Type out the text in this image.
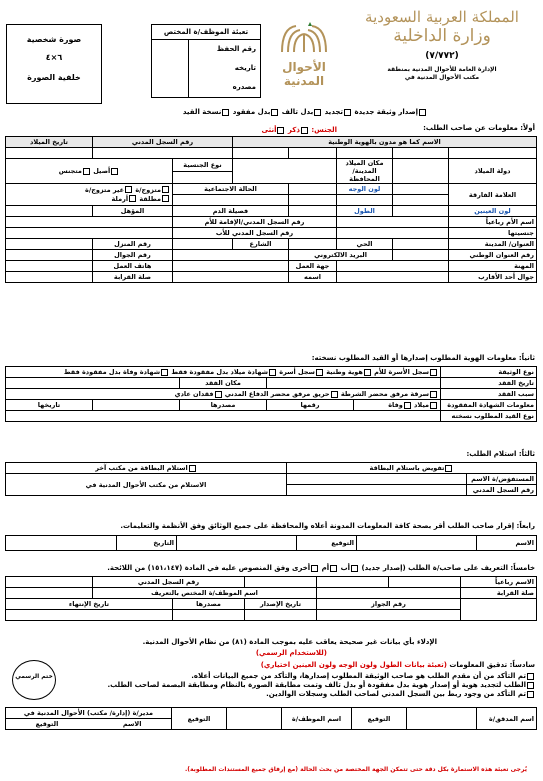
المملكة العربية السعودية
وزارة الداخلية
(٧/٧٧٢)
الإدارة العامة للأحوال المدنية بمنطقة
مكتب الأحوال المدنية في
الأحوال المدنية
تعبئة الموظف/ة المختص
رقم الحفظ
تاريخه
مصدره
صورة شخصية
٦×٤
خلفية الصورة
إصدار وثيقة جديدة تجديد بدل تالف بدل مفقود نسخة القيد
أولاً: معلومات عن صاحب الطلب:
الجنس: ذكر أنثى
الاسم كما هو مدون بالهوية الوطنية					رقم السجل المدني		تاريخ الميلاد

دولة الميلاد		مكان الميلاد المدينة/المحافظة			نوع الجنسية	أصيل متجنس	

العلامة الفارقة		لون الوجه		الحالة الاجتماعية		متزوج/ة غير متزوج/ة
مطلقة أرملة	

لون العينين		الطول		فصيلة الدم		المؤهل	
اسم الأم رباعياً			رقم السجل المدني/الإقامة للأم				
جنسيتها			رقم السجل المدني للأب				
العنوان/ المدينة		الحي		الشارع		رقم المنزل	
رقم العنوان الوطني		البريد الالكتروني				رقم الجوال	
المهنة			جهة العمل			هاتف العمل	
جوال أحد الأقارب			اسمه			صلة القرابة	
ثانياً: معلومات الهوية المطلوب إصدارها أو القيد المطلوب نسخته:
نوع الوثيقة	سجل الأسرة للأم هوية وطنية سجل أسرة شهادة ميلاد بدل مفقودة فقط شهادة وفاة بدل مفقودة فقط				
تاريخ الفقد			مكان الفقد		
سبب الفقد	سرقة مرفق محضر الشرطة حريق مرفق محضر الدفاع المدني فقدان عادي				
معلومات الشهادة المفقودة	ميلاد وفاة	رقمها	مصدرها		تاريخها
نوع القيد المطلوب نسخته					
ثالثاً: استلام الطلب:
تفويض باستلام البطاقة		استلام البطاقة من مكتب آخر
المستفوَض/ة الاسم		الاستلام من مكتب الأحوال المدنية في
رقم السجل المدني		
رابعاً: إقرار صاحب الطلب أقر بصحة كافة المعلومات المدونة أعلاه والمحافظة على جميع الوثائق وفق الأنظمة والتعليمات.
الاسم		التوقيع		التاريخ	
خامساً: التعريف على صاحب/ة الطلب (إصدار جديد) أب أم أخرى وفق المنصوص عليه في المادة (١٥١،١٤٧) من اللائحة.
الاسم رباعياً				رقم السجل المدني		
صلة القرابة			اسم الموظف/ة المختص بالتعريف			
	رقم الجواز		تاريخ الإصدار	مصدرها	تاريخ الإنتهاء	

الإدلاء بأي بيانات غير صحيحة يعاقب عليه بموجب المادة (٨١) من نظام الأحوال المدنية.
(للاستخدام الرسمي)
سادساً: تدقيق المعلومات (تعبئة بيانات الطول ولون الوجه ولون العينين اختياري)
ختم الرسمي	تم التأكد من أن مقدم الطلب هو صاحب الوثيقة المطلوب إصدارها، والتأكد من جميع البيانات أعلاه.
الطلب لتجديد هوية أو إصدار هوية بدل مفقودة أو بدل تالف وتمت مطابقة الصورة بالنظام ومطابقة البصمة لصاحب الطلب.
تم التأكد من وجود ربط بين السجل المدني لصاحب الطلب وسجلات الوالدين.
اسم المدقق/ة		التوقيع	اسم الموظف/ة		التوقيع	مدير/ة (إدارة/ مكتب) الأحوال المدنية في
الاسم  التوقيع
يُرجى تعبئة هذه الاستمارة بكل دقة حتى تتمكن الجهة المختصة من بحث الحالة (مع إرفاق جميع المستندات المطلوبة).
